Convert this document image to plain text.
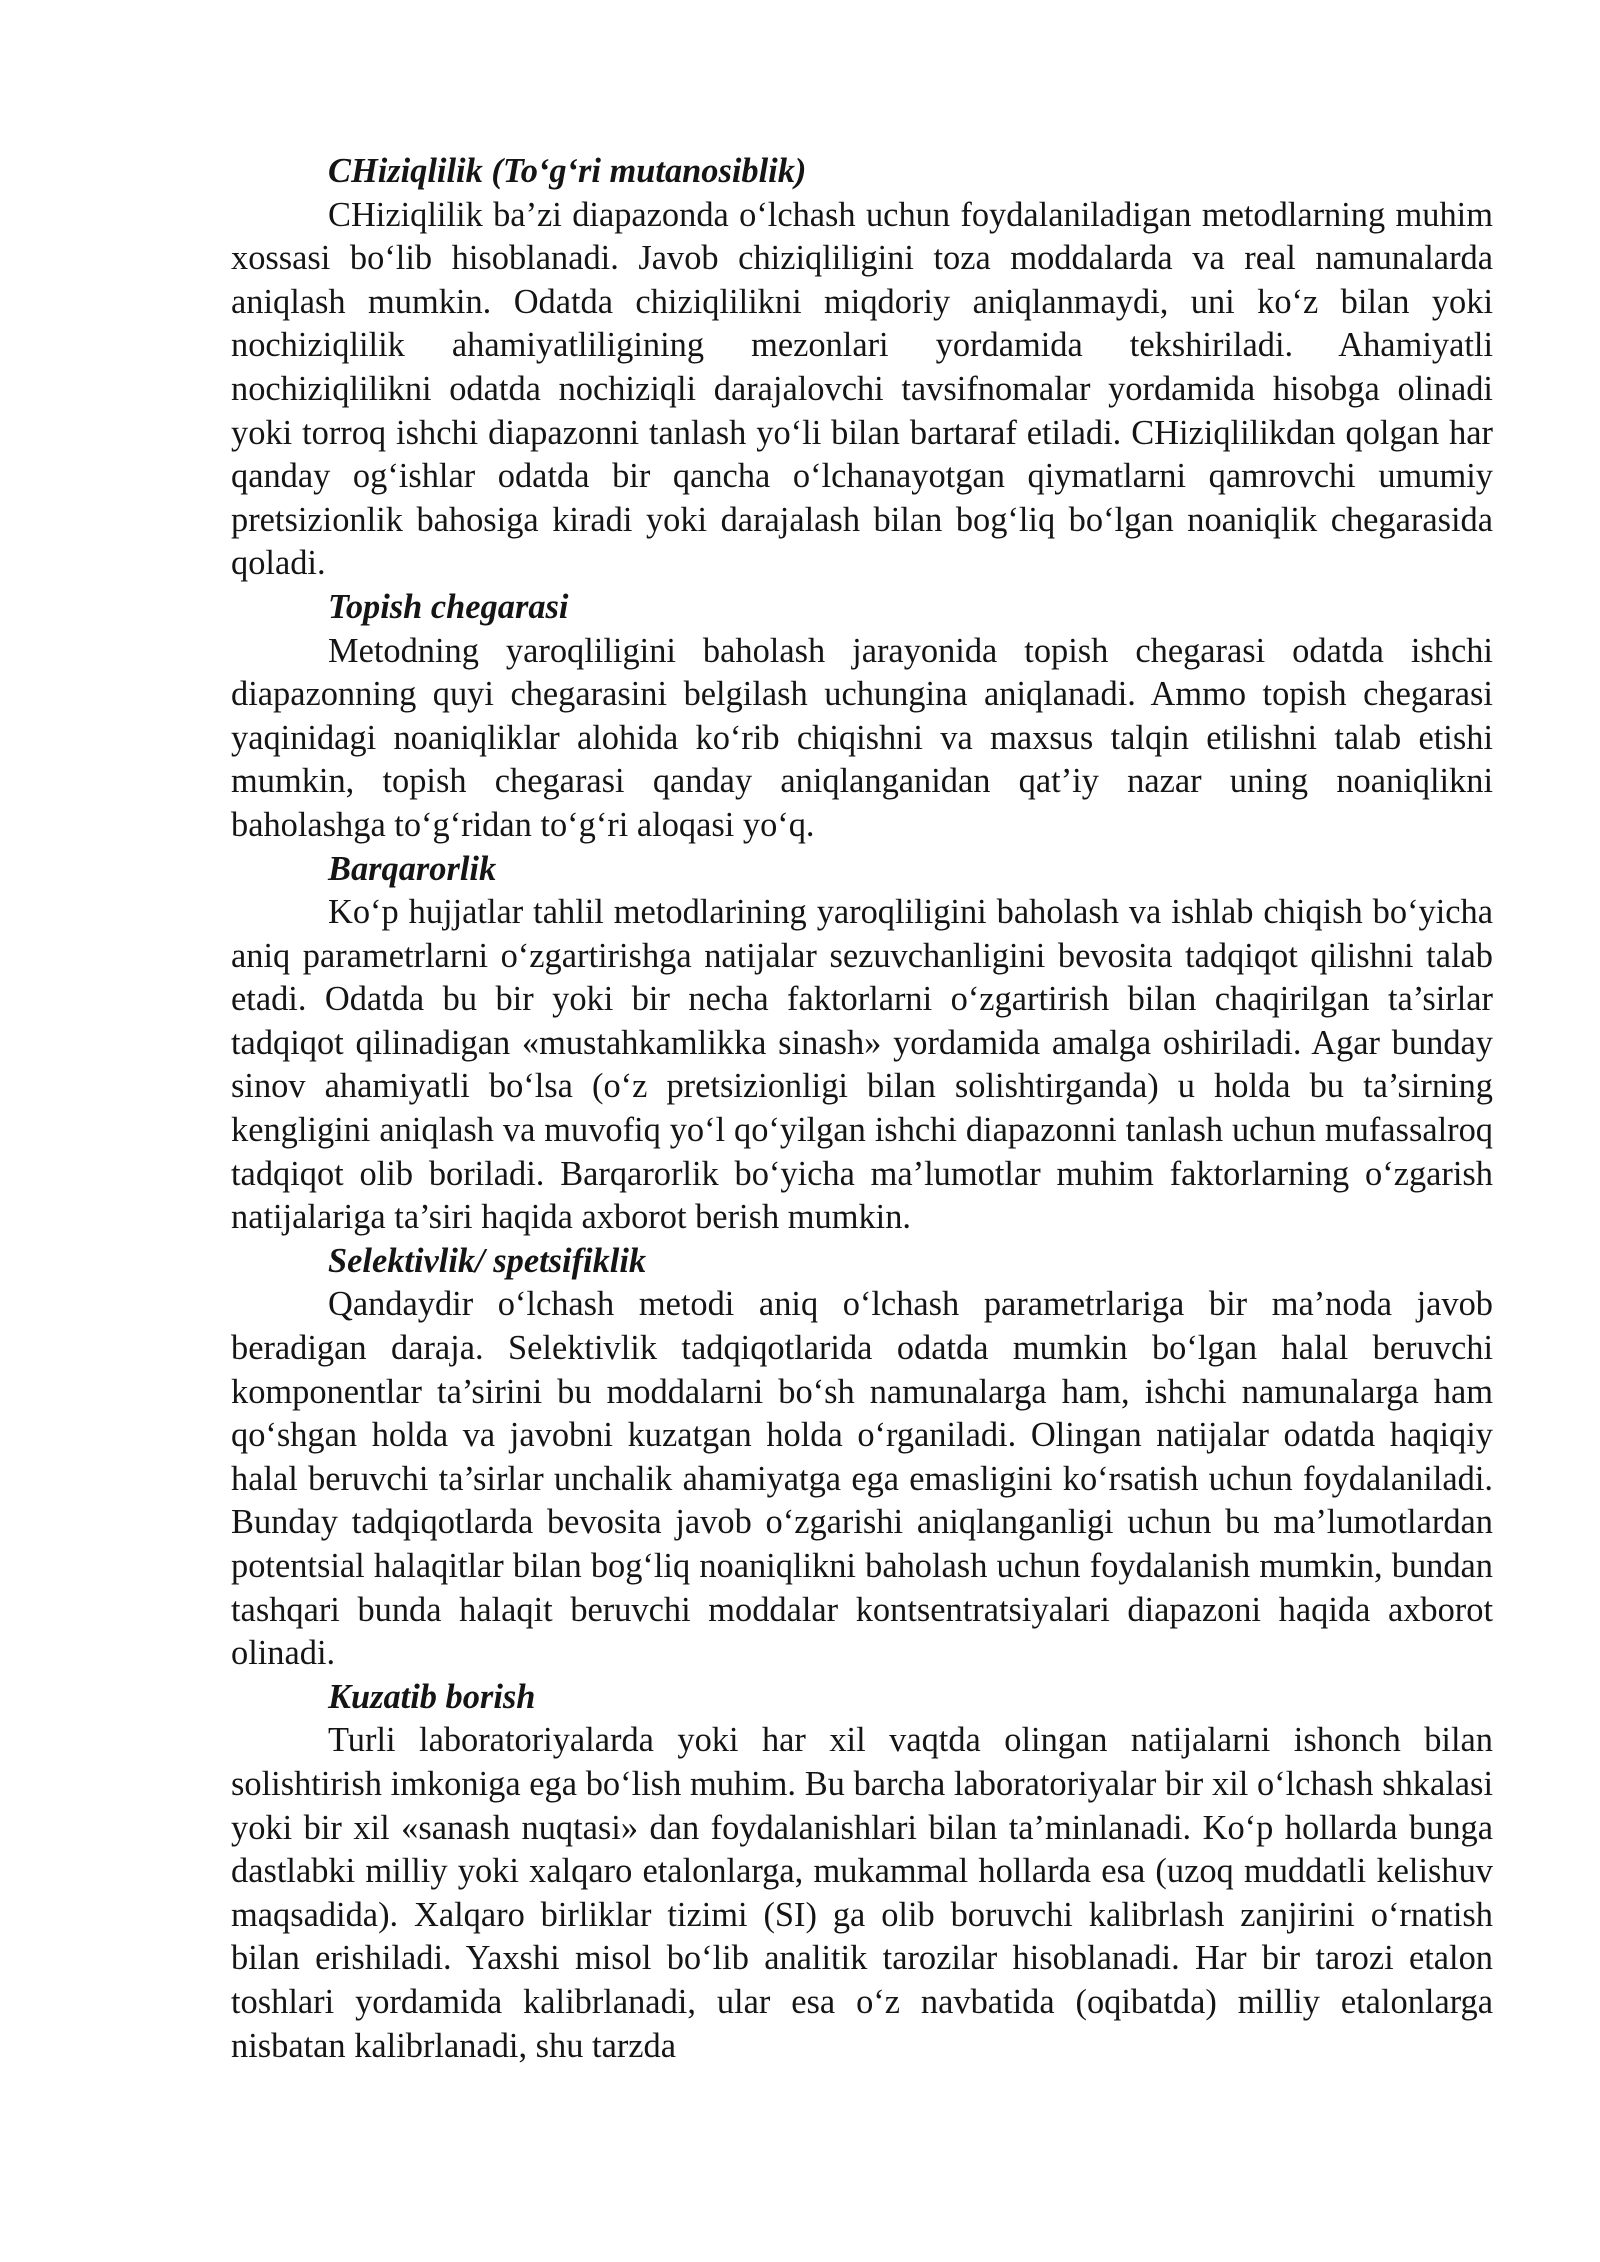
CHiziqlilik (To‘g‘ri mutanosiblik)

CHiziqlilik ba’zi diapazonda o‘lchash uchun foydalaniladigan metodlarning muhim xossasi bo‘lib hisoblanadi. Javob chiziqliligini toza moddalarda va real namunalarda aniqlash mumkin. Odatda chiziqlilikni miqdoriy aniqlanmaydi, uni ko‘z bilan yoki nochiziqlilik ahamiyatliligining mezonlari yordamida tekshiriladi. Ahamiyatli nochiziqlilikni odatda nochiziqli darajalovchi tavsifnomalar yordamida hisobga olinadi yoki torroq ishchi diapazonni tanlash yo‘li bilan bartaraf etiladi. CHiziqlilikdan qolgan har qanday og‘ishlar odatda bir qancha o‘lchanayotgan qiymatlarni qamrovchi umumiy pretsizionlik bahosiga kiradi yoki darajalash bilan bog‘liq bo‘lgan noaniqlik chegarasida qoladi.

Topish chegarasi

Metodning yaroqliligini baholash jarayonida topish chegarasi odatda ishchi diapazonning quyi chegarasini belgilash uchungina aniqlanadi. Ammo topish chegarasi yaqinidagi noaniqliklar alohida ko‘rib chiqishni va maxsus talqin etilishni talab etishi mumkin, topish chegarasi qanday aniqlanganidan qat’iy nazar uning noaniqlikni baholashga to‘g‘ridan to‘g‘ri aloqasi yo‘q.

Barqarorlik

Ko‘p hujjatlar tahlil metodlarining yaroqliligini baholash va ishlab chiqish bo‘yicha aniq parametrlarni o‘zgartirishga natijalar sezuvchanligini bevosita tadqiqot qilishni talab etadi. Odatda bu bir yoki bir necha faktorlarni o‘zgartirish bilan chaqirilgan ta’sirlar tadqiqot qilinadigan «mustahkamlikka sinash» yordamida amalga oshiriladi. Agar bunday sinov ahamiyatli bo‘lsa (o‘z pretsizionligi bilan solishtirganda) u holda bu ta’sirning kengligini aniqlash va muvofiq yo‘l qo‘yilgan ishchi diapazonni tanlash uchun mufassalroq tadqiqot olib boriladi. Barqarorlik bo‘yicha ma’lumotlar muhim faktorlarning o‘zgarish natijalariga ta’siri haqida axborot berish mumkin.

Selektivlik/ spetsifiklik

Qandaydir o‘lchash metodi aniq o‘lchash parametrlariga bir ma’noda javob beradigan daraja. Selektivlik tadqiqotlarida odatda mumkin bo‘lgan halal beruvchi komponentlar ta’sirini bu moddalarni bo‘sh namunalarga ham, ishchi namunalarga ham qo‘shgan holda va javobni kuzatgan holda o‘rganiladi. Olingan natijalar odatda haqiqiy halal beruvchi ta’sirlar unchalik ahamiyatga ega emasligini ko‘rsatish uchun foydalaniladi. Bunday tadqiqotlarda bevosita javob o‘zgarishi aniqlanganligi uchun bu ma’lumotlardan potentsial halaqitlar bilan bog‘liq noaniqlikni baholash uchun foydalanish mumkin, bundan tashqari bunda halaqit beruvchi moddalar kontsentratsiyalari diapazoni haqida axborot olinadi.

Kuzatib borish

Turli laboratoriyalarda yoki har xil vaqtda olingan natijalarni ishonch bilan solishtirish imkoniga ega bo‘lish muhim. Bu barcha laboratoriyalar bir xil o‘lchash shkalasi yoki bir xil «sanash nuqtasi» dan foydalanishlari bilan ta’minlanadi. Ko‘p hollarda bunga dastlabki milliy yoki xalqaro etalonlarga, mukammal hollarda esa (uzoq muddatli kelishuv maqsadida). Xalqaro birliklar tizimi (SI) ga olib boruvchi kalibrlash zanjirini o‘rnatish bilan erishiladi. Yaxshi misol bo‘lib analitik tarozilar hisoblanadi. Har bir tarozi etalon toshlari yordamida kalibrlanadi, ular esa o‘z navbatida (oqibatda) milliy etalonlarga nisbatan kalibrlanadi, shu tarzda
